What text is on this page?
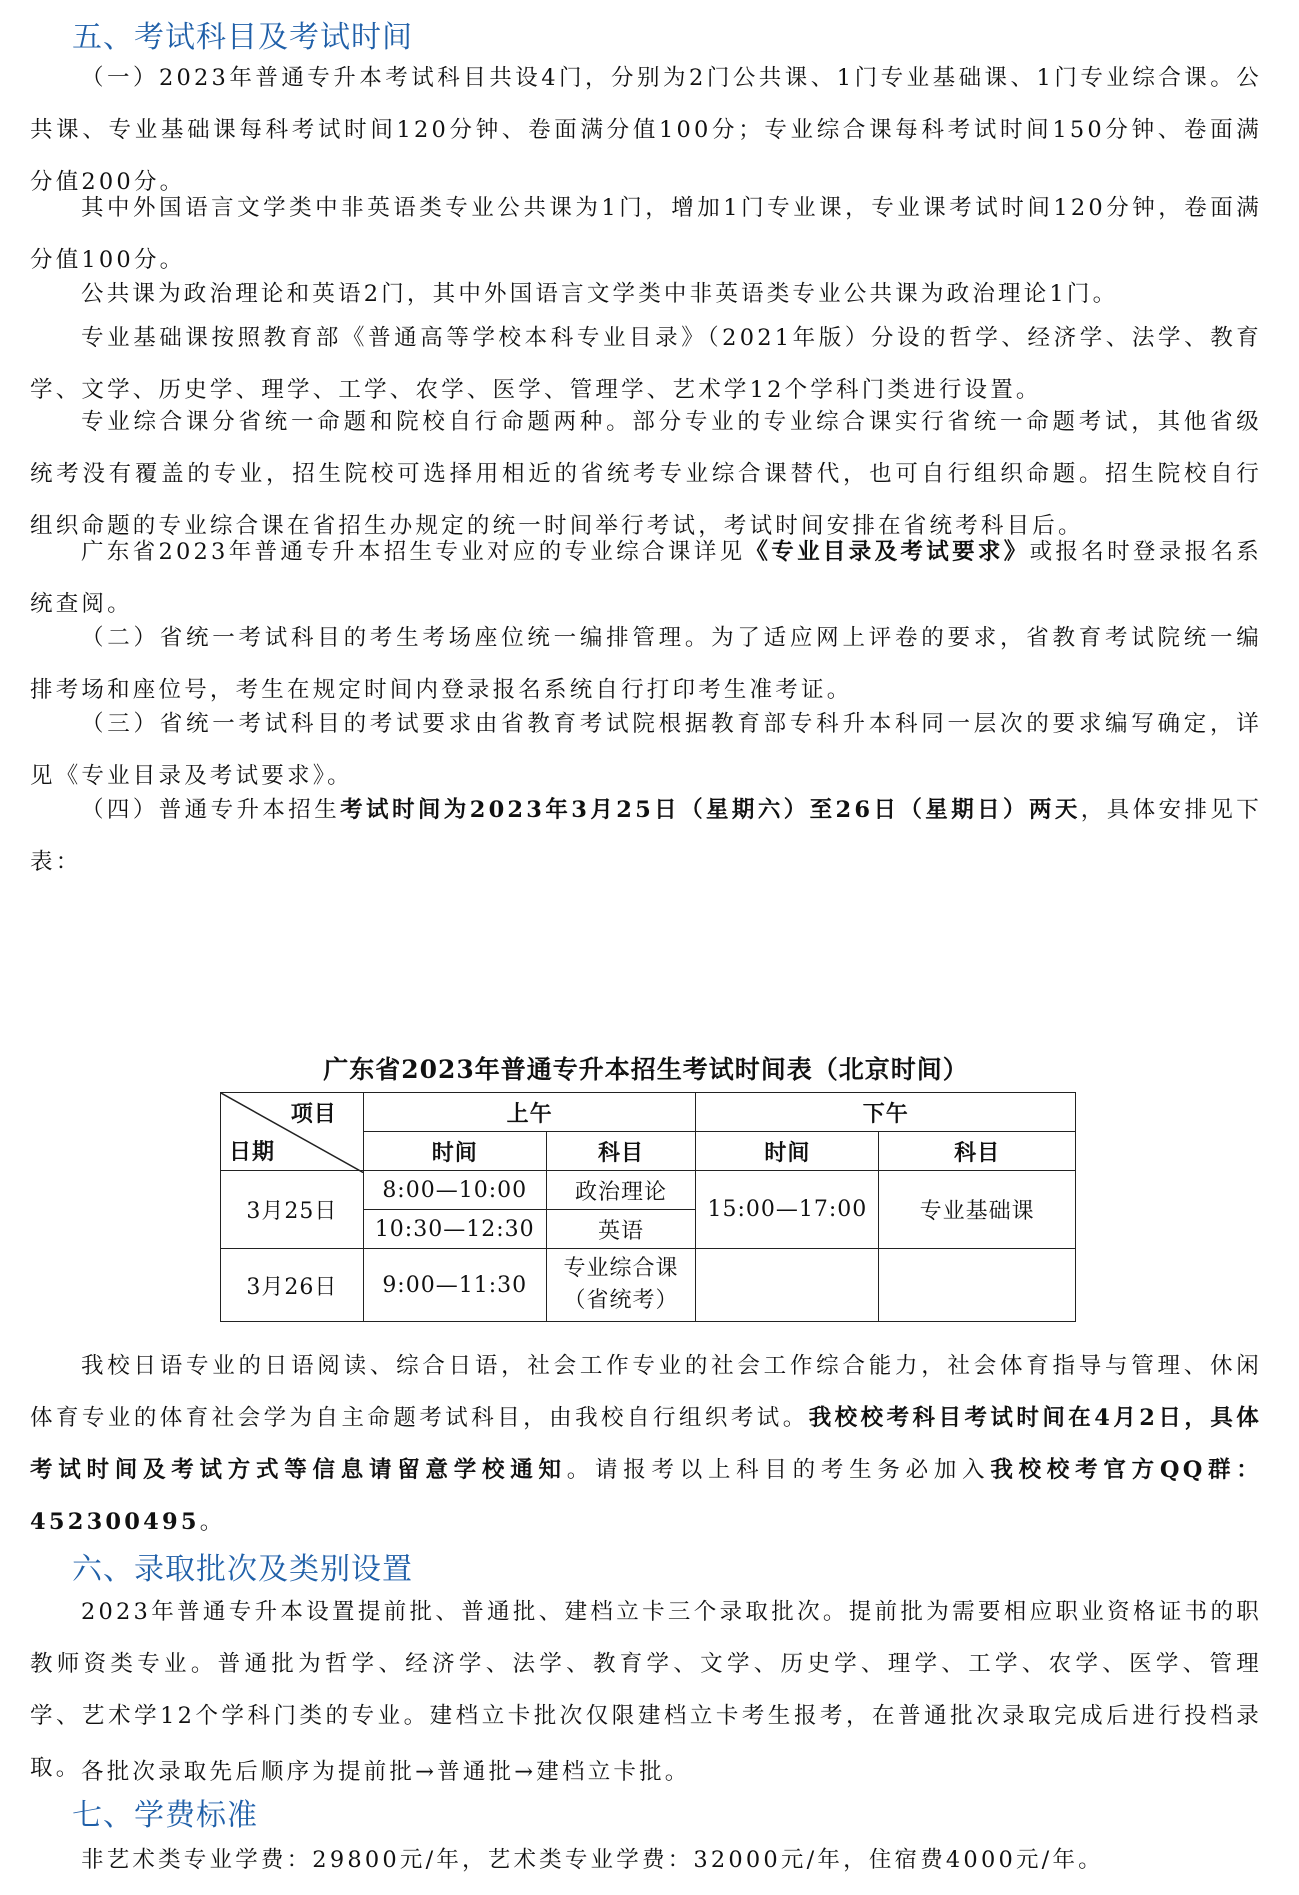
五、考试科目及考试时间
（一）2023年普通专升本考试科目共设4门，分别为2门公共课、1门专业基础课、1门专业综合课。公共课、专业基础课每科考试时间120分钟、卷面满分值100分；专业综合课每科考试时间150分钟、卷面满分值200分。
其中外国语言文学类中非英语类专业公共课为1门，增加1门专业课，专业课考试时间120分钟，卷面满分值100分。
公共课为政治理论和英语2门，其中外国语言文学类中非英语类专业公共课为政治理论1门。
专业基础课按照教育部《普通高等学校本科专业目录》（2021年版）分设的哲学、经济学、法学、教育学、文学、历史学、理学、工学、农学、医学、管理学、艺术学12个学科门类进行设置。
专业综合课分省统一命题和院校自行命题两种。部分专业的专业综合课实行省统一命题考试，其他省级统考没有覆盖的专业，招生院校可选择用相近的省统考专业综合课替代，也可自行组织命题。招生院校自行组织命题的专业综合课在省招生办规定的统一时间举行考试，考试时间安排在省统考科目后。
广东省2023年普通专升本招生专业对应的专业综合课详见《专业目录及考试要求》或报名时登录报名系统查阅。
（二）省统一考试科目的考生考场座位统一编排管理。为了适应网上评卷的要求，省教育考试院统一编排考场和座位号，考生在规定时间内登录报名系统自行打印考生准考证。
（三）省统一考试科目的考试要求由省教育考试院根据教育部专科升本科同一层次的要求编写确定，详见《专业目录及考试要求》。
（四）普通专升本招生考试时间为2023年3月25日（星期六）至26日（星期日）两天，具体安排见下表：
广东省2023年普通专升本招生考试时间表（北京时间）
项目
日期	上午		下午	
	时间	科目	时间	科目
3月25日	8:00—10:00	政治理论	15:00—17:00	专业基础课
	10:30—12:30	英语		
3月26日	9:00—11:30	专业综合课
（省统考）		

我校日语专业的日语阅读、综合日语，社会工作专业的社会工作综合能力，社会体育指导与管理、休闲体育专业的体育社会学为自主命题考试科目，由我校自行组织考试。我校校考科目考试时间在4月2日，具体考试时间及考试方式等信息请留意学校通知。请报考以上科目的考生务必加入我校校考官方QQ群：452300495。
六、录取批次及类别设置
2023年普通专升本设置提前批、普通批、建档立卡三个录取批次。提前批为需要相应职业资格证书的职教师资类专业。普通批为哲学、经济学、法学、教育学、文学、历史学、理学、工学、农学、医学、管理学、艺术学12个学科门类的专业。建档立卡批次仅限建档立卡考生报考，在普通批次录取完成后进行投档录取。 各批次录取先后顺序为提前批→普通批→建档立卡批。
七、学费标准
非艺术类专业学费：29800元/年，艺术类专业学费：32000元/年，住宿费4000元/年。
